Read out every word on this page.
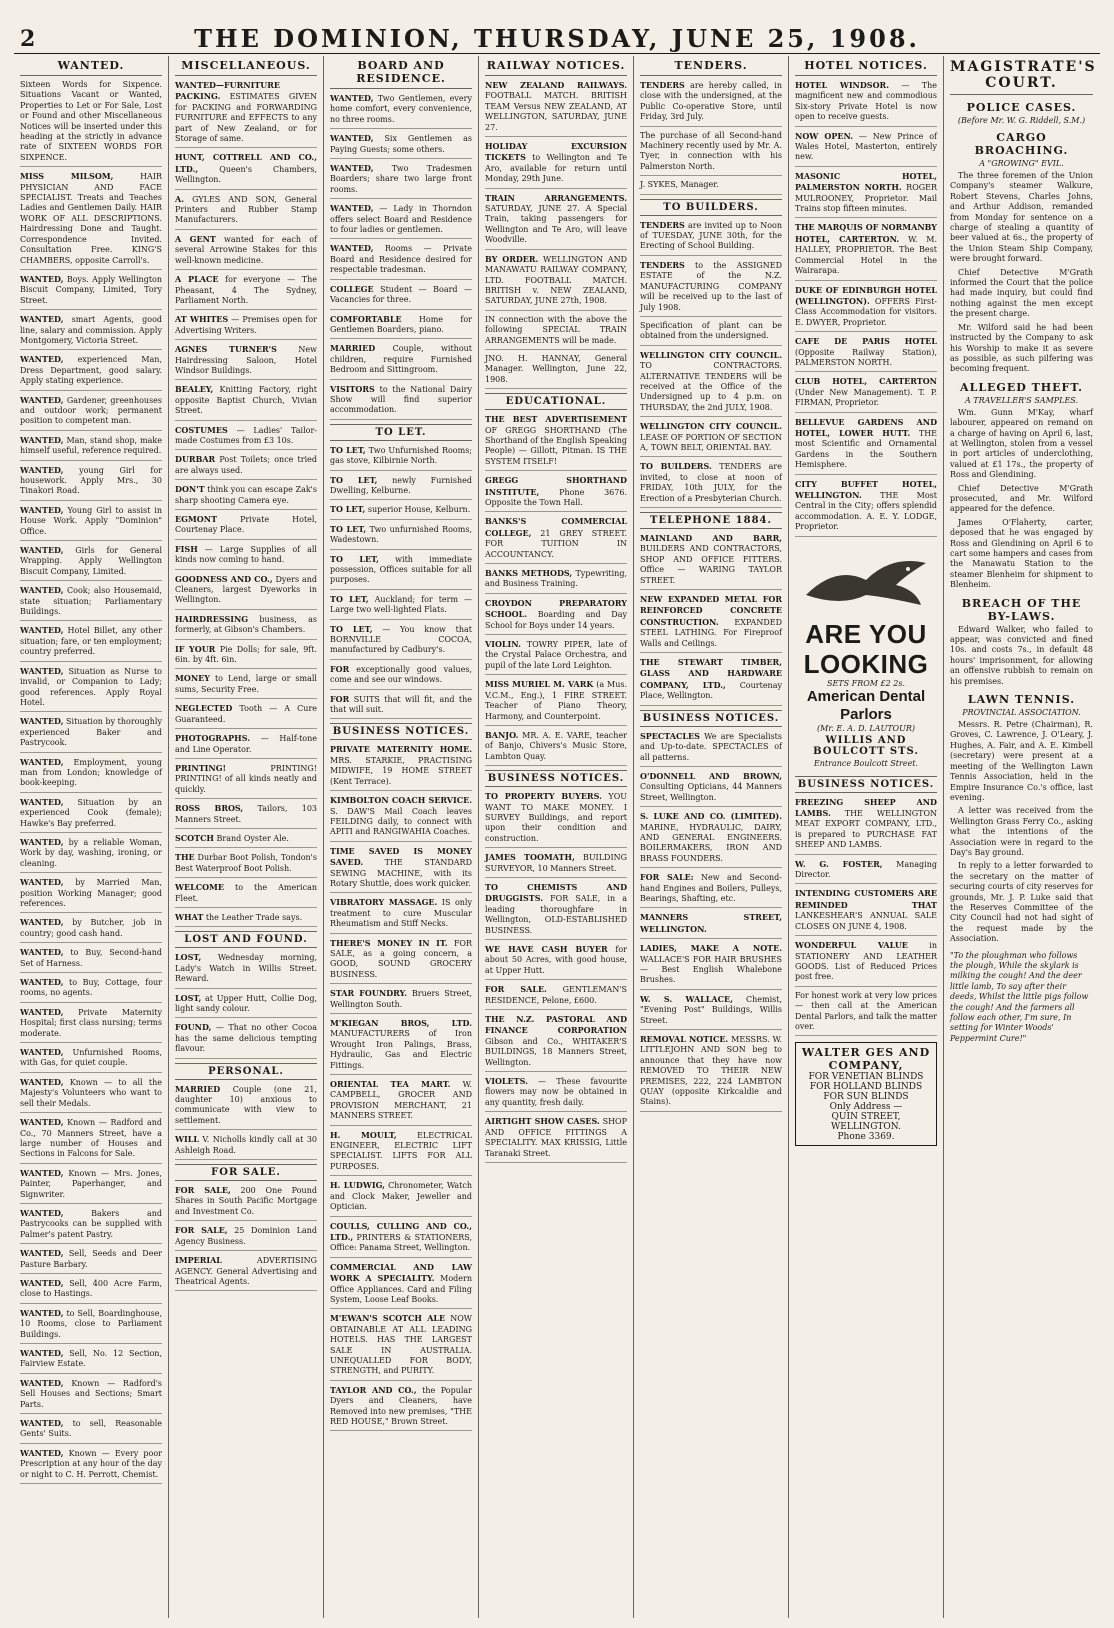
2	THE DOMINION, THURSDAY, JUNE 25, 1908.
WANTED.
Sixteen Words for Sixpence. Situations Vacant or Wanted, Properties to Let or For Sale, Lost or Found and other Miscellaneous Notices will be inserted under this heading at the strictly in advance rate of SIXTEEN WORDS FOR SIXPENCE.
MISS MILSOM,	HAIR PHYSICIAN AND FACE SPECIALIST. Treats and Teaches Ladies and Gentlemen Daily. HAIR WORK OF ALL DESCRIPTIONS. Hairdressing Done and Taught. Correspondence Invited. Consultation Free. KING'S CHAMBERS, opposite Carroll's.
WANTED, Boys. Apply Wellington Biscuit Company, Limited, Tory Street.
WANTED, smart Agents, good line, salary and commission. Apply Montgomery, Victoria Street.
WANTED, experienced Man, Dress Department, good salary. Apply stating experience.
WANTED, Gardener, greenhouses and outdoor work; permanent position to competent man.
WANTED, Man, stand shop, make himself useful, reference required.
WANTED, young Girl for housework. Apply Mrs., 30 Tinakori Road.
WANTED, Young Girl to assist in House Work. Apply "Dominion" Office.
WANTED, Girls for General Wrapping. Apply Wellington Biscuit Company, Limited.
WANTED, Cook; also Housemaid, state situation; Parliamentary Buildings.
WANTED, Hotel Billet, any other situation; fare, or ten employment; country preferred.
WANTED, Situation as Nurse to invalid, or Companion to Lady; good references. Apply Royal Hotel.
WANTED, Situation by thoroughly experienced Baker and Pastrycook.
WANTED, Employment, young man from London; knowledge of book-keeping.
WANTED, Situation by an experienced Cook (female); Hawke's Bay preferred.
WANTED, by a reliable Woman, Work by day, washing, ironing, or cleaning.
WANTED, by Married Man, position Working Manager; good references.
WANTED, by Butcher, job in country; good cash hand.
WANTED, to Buy, Second-hand Set of Harness.
WANTED, to Buy, Cottage, four rooms, no agents.
WANTED, Private Maternity Hospital; first class nursing; terms moderate.
WANTED, Unfurnished Rooms, with Gas, for quiet couple.
WANTED, Known — to all the Majesty's Volunteers who want to sell their Medals.
WANTED, Known — Radford and Co., 70 Manners Street, have a large number of Houses and Sections in Falcons for Sale.
WANTED, Known — Mrs. Jones, Painter, Paperhanger, and Signwriter.
WANTED,	Bakers and Pastrycooks can be supplied with Palmer's patent Pastry.
WANTED, Sell, Seeds and Deer Pasture Barbary.
WANTED, Sell, 400 Acre Farm, close to Hastings.
WANTED, to Sell, Boardinghouse, 10 Rooms, close to Parliament Buildings.
WANTED, Sell, No. 12 Section, Fairview Estate.
WANTED, Known — Radford's Sell Houses and Sections; Smart Parts.
WANTED, to sell, Reasonable Gents' Suits.
WANTED, Known — Every poor Prescription at any hour of the day or night to C. H. Perrott, Chemist.
MISCELLANEOUS.
WANTED—FURNITURE PACKING. ESTIMATES GIVEN for PACKING and FORWARDING FURNITURE and EFFECTS to any part of New Zealand, or for Storage of same.
HUNT, COTTRELL AND CO., LTD.,	Queen's Chambers, Wellington.
A. GYLES AND SON, General Printers and Rubber Stamp Manufacturers.
A GENT wanted for each of several Arrowine Stakes for this well-known medicine.
A PLACE for everyone — The Pheasant, 4 The Sydney, Parliament North.
AT WHITES — Premises open for Advertising Writers.
AGNES TURNER'S	New Hairdressing Saloon, Hotel Windsor Buildings.
BEALEY, Knitting Factory, right opposite Baptist Church, Vivian Street.
COSTUMES — Ladies' Tailor-made Costumes from £3 10s.
DURBAR Post Toilets; once tried are always used.
DON'T think you can escape Zak's sharp shooting Camera eye.
EGMONT	Private Hotel, Courtenay Place.
FISH — Large Supplies of all kinds now coming to hand.
GOODNESS AND CO., Dyers and Cleaners, largest Dyeworks in Wellington.
HAIRDRESSING business, as formerly, at Gibson's Chambers.
IF YOUR Pie Dolls; for sale, 9ft. 6in. by 4ft. 6in.
MONEY to Lend, large or small sums, Security Free.
NEGLECTED Tooth — A Cure Guaranteed.
PHOTOGRAPHS. — Half-tone and Line Operator.
PRINTING!	PRINTING! PRINTING! of all kinds neatly and quickly.
ROSS BROS, Tailors, 103 Manners Street.
SCOTCH Brand Oyster Ale.
THE Durbar Boot Polish, Tondon's Best Waterproof Boot Polish.
WELCOME to the American Fleet.
WHAT the Leather Trade says.
LOST AND FOUND.
LOST, Wednesday morning, Lady's Watch in Willis Street. Reward.
LOST, at Upper Hutt, Collie Dog, light sandy colour.
FOUND, — That no other Cocoa has the same delicious tempting flavour.
PERSONAL.
MARRIED Couple (one 21, daughter 10) anxious to communicate with view to settlement.
WILL V. Nicholls kindly call at 30 Ashleigh Road.
FOR SALE.
FOR SALE, 200 One Pound Shares in South Pacific Mortgage and Investment Co.
FOR SALE, 25 Dominion Land Agency Business.
IMPERIAL	ADVERTISING AGENCY. General Advertising and Theatrical Agents.
BOARD AND RESIDENCE.
WANTED, Two Gentlemen, every home comfort, every convenience, no three rooms.
WANTED, Six Gentlemen as Paying Guests; some others.
WANTED, Two Tradesmen Boarders; share two large front rooms.
WANTED, — Lady in Thorndon offers select Board and Residence to four ladies or gentlemen.
WANTED, Rooms — Private Board and Residence desired for respectable tradesman.
COLLEGE Student — Board — Vacancies for three.
COMFORTABLE Home for Gentlemen Boarders, piano.
MARRIED Couple, without children, require Furnished Bedroom and Sittingroom.
VISITORS to the National Dairy Show will find superior accommodation.
TO LET.
TO LET, Two Unfurnished Rooms; gas stove, Kilbirnie North.
TO LET, newly Furnished Dwelling, Kelburne.
TO LET, superior House, Kelburn.
TO LET, Two unfurnished Rooms, Wadestown.
TO LET, with immediate possession, Offices suitable for all purposes.
TO LET, Auckland; for term — Large two well-lighted Flats.
TO LET, — You know that BORNVILLE COCOA, manufactured by Cadbury's.
FOR exceptionally good values, come and see our windows.
FOR SUITS that will fit, and the that will suit.
BUSINESS NOTICES.
PRIVATE MATERNITY HOME. MRS. STARKIE, PRACTISING MIDWIFE, 19 HOME STREET (Kent Terrace).
KIMBOLTON COACH SERVICE. S. DAW'S Mail Coach leaves FEILDING daily, to connect with APITI and RANGIWAHIA Coaches.
TIME SAVED IS MONEY SAVED.	THE STANDARD SEWING MACHINE, with its Rotary Shuttle, does work quicker.
VIBRATORY MASSAGE. IS only treatment to cure Muscular Rheumatism and Stiff Necks.
THERE'S MONEY IN IT. FOR SALE, as a going concern, a GOOD, SOUND GROCERY BUSINESS.
STAR FOUNDRY. Bruers Street, Wellington South.
M'KIEGAN BROS, LTD. MANUFACTURERS of Iron Wrought Iron Palings, Brass, Hydraulic, Gas and Electric Fittings.
ORIENTAL TEA MART. W. CAMPBELL, GROCER AND PROVISION MERCHANT, 21 MANNERS STREET.
H. MOULT,	ELECTRICAL ENGINEER, ELECTRIC LIFT SPECIALIST. LIFTS FOR ALL PURPOSES.
H. LUDWIG, Chronometer, Watch and Clock Maker, Jeweller and Optician.
COULLS, CULLING AND CO., LTD., PRINTERS & STATIONERS, Office: Panama Street, Wellington.
COMMERCIAL AND LAW WORK A SPECIALITY. Modern Office Appliances. Card and Filing System, Loose Leaf Books.
M'EWAN'S SCOTCH ALE NOW OBTAINABLE AT ALL LEADING HOTELS. HAS THE LARGEST SALE IN AUSTRALIA. UNEQUALLED FOR BODY, STRENGTH, and PURITY.
TAYLOR AND CO., the Popular Dyers and Cleaners, have Removed into new premises, "THE RED HOUSE," Brown Street.
RAILWAY NOTICES.
NEW ZEALAND RAILWAYS. FOOTBALL MATCH. BRITISH TEAM Versus NEW ZEALAND, AT WELLINGTON, SATURDAY, JUNE 27.
HOLIDAY EXCURSION TICKETS to Wellington and Te Aro, available for return until Monday, 29th June.
TRAIN ARRANGEMENTS. SATURDAY, JUNE 27. A Special Train, taking passengers for Wellington and Te Aro, will leave Woodville.
BY ORDER. WELLINGTON AND MANAWATU RAILWAY COMPANY, LTD. FOOTBALL MATCH. BRITISH v. NEW ZEALAND, SATURDAY, JUNE 27th, 1908.
IN connection with the above the following SPECIAL TRAIN ARRANGEMENTS will be made.
JNO. H. HANNAY, General Manager. Wellington, June 22, 1908.
EDUCATIONAL.
THE BEST ADVERTISEMENT OF GREGG SHORTHAND (The Shorthand of the English Speaking People) — Gillott, Pitman. IS THE SYSTEM ITSELF!
GREGG SHORTHAND INSTITUTE, Phone 3676. Opposite the Town Hall.
BANKS'S COMMERCIAL COLLEGE, 21 GREY STREET. FOR TUITION IN ACCOUNTANCY.
BANKS METHODS, Typewriting, and Business Training.
CROYDON PREPARATORY SCHOOL. Boarding and Day School for Boys under 14 years.
VIOLIN. TOWRY PIPER, late of the Crystal Palace Orchestra, and pupil of the late Lord Leighton.
MISS MURIEL M. VARK (a Mus. V.C.M., Eng.), 1 FIRE STREET. Teacher of Piano Theory, Harmony, and Counterpoint.
BANJO. MR. A. E. VARE, teacher of Banjo, Chivers's Music Store, Lambton Quay.
BUSINESS NOTICES.
TO PROPERTY BUYERS. YOU WANT TO MAKE MONEY. I SURVEY Buildings, and report upon their condition and construction.
JAMES TOOMATH, BUILDING SURVEYOR, 10 Manners Street.
TO CHEMISTS AND DRUGGISTS. FOR SALE, in a leading thoroughfare in Wellington, OLD-ESTABLISHED BUSINESS.
WE HAVE CASH BUYER for about 50 Acres, with good house, at Upper Hutt.
FOR SALE. GENTLEMAN'S RESIDENCE, Pelone, £600.
THE N.Z. PASTORAL AND FINANCE CORPORATION Gibson and Co., WHITAKER'S BUILDINGS, 18 Manners Street, Wellington.
VIOLETS. — These favourite flowers may now be obtained in any quantity, fresh daily.
AIRTIGHT SHOW CASES. SHOP AND OFFICE FITTINGS A SPECIALITY. MAX KRISSIG, Little Taranaki Street.
TENDERS.
TENDERS are hereby called, in close with the undersigned, at the Public Co-operative Store, until Friday, 3rd July.
The purchase of all Second-hand Machinery recently used by Mr. A. Tyer, in connection with his Palmerston North.
J. SYKES, Manager.
TO BUILDERS.
TENDERS are invited up to Noon of TUESDAY, JUNE 30th, for the Erecting of School Building.
TENDERS to the ASSIGNED ESTATE of the N.Z. MANUFACTURING COMPANY will be received up to the last of July 1908.
Specification of plant can be obtained from the undersigned.
WELLINGTON CITY COUNCIL. TO CONTRACTORS. ALTERNATIVE TENDERS will be received at the Office of the Undersigned up to 4 p.m. on THURSDAY, the 2nd JULY, 1908.
WELLINGTON CITY COUNCIL. LEASE OF PORTION OF SECTION A, TOWN BELT, ORIENTAL BAY.
TO BUILDERS. TENDERS are invited, to close at noon of FRIDAY, 10th JULY, for the Erection of a Presbyterian Church.
TELEPHONE 1884.
MAINLAND AND BARR, BUILDERS AND CONTRACTORS, SHOP AND OFFICE FITTERS. Office — WARING TAYLOR STREET.
NEW EXPANDED METAL FOR REINFORCED CONCRETE CONSTRUCTION. EXPANDED STEEL LATHING. For Fireproof Walls and Ceilings.
THE STEWART TIMBER, GLASS AND HARDWARE COMPANY, LTD., Courtenay Place, Wellington.
BUSINESS NOTICES.
SPECTACLES We are Specialists and Up-to-date. SPECTACLES of all patterns.
O'DONNELL AND BROWN, Consulting Opticians, 44 Manners Street, Wellington.
S. LUKE AND CO. (LIMITED). MARINE, HYDRAULIC, DAIRY, AND GENERAL ENGINEERS. BOILERMAKERS, IRON AND BRASS FOUNDERS.
FOR SALE: New and Second-hand Engines and Boilers, Pulleys, Bearings, Shafting, etc.
MANNERS STREET, WELLINGTON.
LADIES, MAKE A NOTE. WALLACE'S FOR HAIR BRUSHES — Best English Whalebone Brushes.
W. S. WALLACE, Chemist, "Evening Post" Buildings, Willis Street.
REMOVAL NOTICE. MESSRS. W. LITTLEJOHN AND SON beg to announce that they have now REMOVED TO THEIR NEW PREMISES, 222, 224 LAMBTON QUAY (opposite Kirkcaldie and Stains).
HOTEL NOTICES.
HOTEL WINDSOR. — The magnificent new and commodious Six-story Private Hotel is now open to receive guests.
NOW OPEN. — New Prince of Wales Hotel, Masterton, entirely new.
MASONIC HOTEL, PALMERSTON NORTH. ROGER MULROONEY, Proprietor. Mail Trains stop fifteen minutes.
THE MARQUIS OF NORMANBY HOTEL, CARTERTON. W. M. HALLEY, PROPRIETOR. The Best Commercial Hotel in the Wairarapa.
DUKE OF EDINBURGH HOTEL (WELLINGTON). OFFERS First-Class Accommodation for visitors. E. DWYER, Proprietor.
CAFE DE PARIS HOTEL (Opposite Railway Station), PALMERSTON NORTH.
CLUB HOTEL, CARTERTON (Under New Management). T. P. FIRMAN, Proprietor.
BELLEVUE GARDENS AND HOTEL, LOWER HUTT. THE most Scientific and Ornamental Gardens in the Southern Hemisphere.
CITY BUFFET HOTEL, WELLINGTON. THE Most Central in the City; offers splendid accommodation. A. E. Y. LODGE, Proprietor.
ARE YOU LOOKING
SETS FROM £2 2s.
American Dental Parlors
(Mr. E. A. D. LAUTOUR)
WILLIS AND BOULCOTT STS.
Entrance Boulcott Street.
BUSINESS NOTICES.
FREEZING SHEEP AND LAMBS. THE WELLINGTON MEAT EXPORT COMPANY, LTD., is prepared to PURCHASE FAT SHEEP AND LAMBS.
W. G. FOSTER, Managing Director.
INTENDING CUSTOMERS ARE REMINDED THAT LANKESHEAR'S ANNUAL SALE CLOSES ON JUNE 4, 1908.
WONDERFUL VALUE	in STATIONERY AND LEATHER GOODS. List of Reduced Prices post free.
For honest work at very low prices — then call at the American Dental Parlors, and talk the matter over.
WALTER GES AND COMPANY,
FOR VENETIAN BLINDS
FOR HOLLAND BLINDS
FOR SUN BLINDS
Only Address —
QUIN STREET, WELLINGTON.
Phone 3369.
MAGISTRATE'S COURT.
POLICE CASES.
(Before Mr. W. G. Riddell, S.M.)
CARGO BROACHING.
A "GROWING" EVIL.

The three foremen of the Union Company's steamer Walkure, Robert Stevens, Charles Johns, and Arthur Addison, remanded from Monday for sentence on a charge of stealing a quantity of beer valued at 6s., the property of the Union Steam Ship Company, were brought forward.

Chief Detective M'Grath informed the Court that the police had made inquiry, but could find nothing against the men except the present charge.

Mr. Wilford said he had been instructed by the Company to ask his Worship to make it as severe as possible, as such pilfering was becoming frequent.

ALLEGED THEFT.
A TRAVELLER'S SAMPLES.

Wm. Gunn M'Kay, wharf labourer, appeared on remand on a charge of having on April 6, last, at Wellington, stolen from a vessel in port articles of underclothing, valued at £1 17s., the property of Ross and Glendining.

Chief Detective M'Grath prosecuted, and Mr. Wilford appeared for the defence.

James O'Flaherty, carter, deposed that he was engaged by Ross and Glendining on April 6 to cart some hampers and cases from the Manawatu Station to the steamer Blenheim for shipment to Blenheim.

BREACH OF THE BY-LAWS.

Edward Walker, who failed to appear, was convicted and fined 10s. and costs 7s., in default 48 hours' imprisonment, for allowing an offensive rubbish to remain on his premises.

LAWN TENNIS.
PROVINCIAL ASSOCIATION.

Messrs. R. Petre (Chairman), R. Groves, C. Lawrence, J. O'Leary, J. Hughes, A. Fair, and A. E. Kimbell (secretary) were present at a meeting of the Wellington Lawn Tennis Association, held in the Empire Insurance Co.'s office, last evening.

A letter was received from the Wellington Grass Ferry Co., asking what the intentions of the Association were in regard to the Day's Bay ground.

In reply to a letter forwarded to the secretary on the matter of securing courts of city reserves for grounds, Mr. J. P. Luke said that the Reserves Committee of the City Council had not had sight of the request made by the Association.

"To the ploughman who follows the plough, While the skylark is milking the cough! And the deer little lamb, To say after their deeds, Whilst the little pigs follow the cough! And the farmers all follow each other, I'm sure, In setting for Winter Woods' Peppermint Cure!"
